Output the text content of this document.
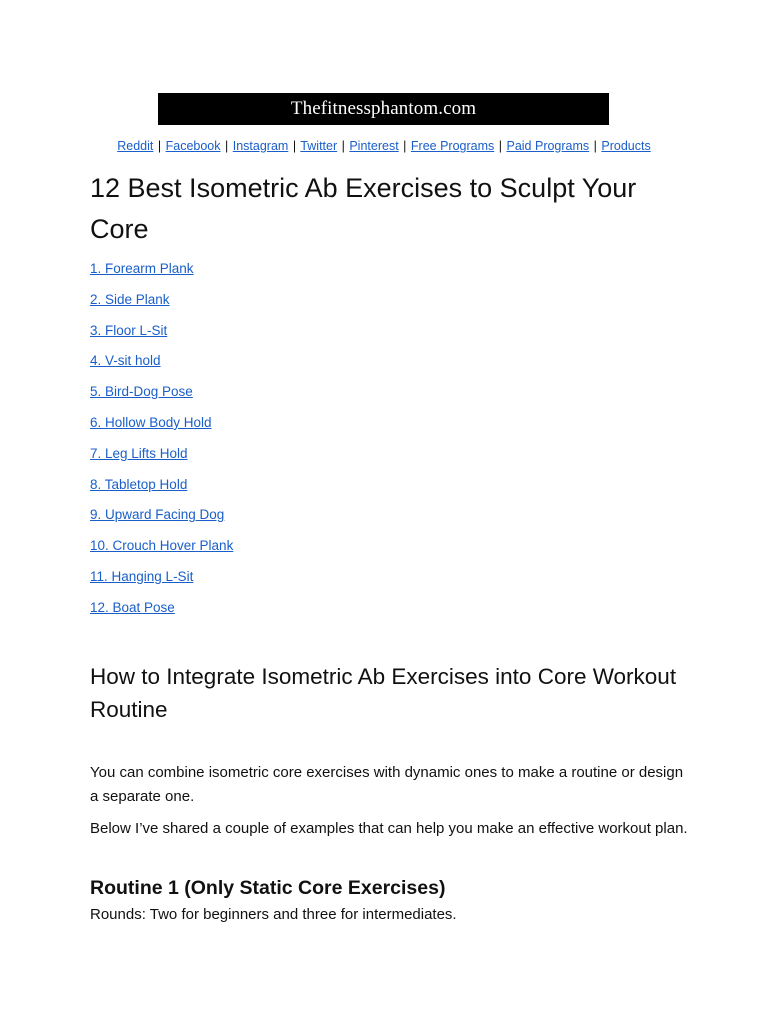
Thefitnessphantom.com
Reddit | Facebook | Instagram | Twitter | Pinterest | Free Programs | Paid Programs | Products
12 Best Isometric Ab Exercises to Sculpt Your Core
1. Forearm Plank
2. Side Plank
3. Floor L-Sit
4. V-sit hold
5. Bird-Dog Pose
6. Hollow Body Hold
7. Leg Lifts Hold
8. Tabletop Hold
9. Upward Facing Dog
10. Crouch Hover Plank
11. Hanging L-Sit
12. Boat Pose
How to Integrate Isometric Ab Exercises into Core Workout Routine

You can combine isometric core exercises with dynamic ones to make a routine or design a separate one.

Below I’ve shared a couple of examples that can help you make an effective workout plan.

Routine 1 (Only Static Core Exercises)

Rounds: Two for beginners and three for intermediates.
